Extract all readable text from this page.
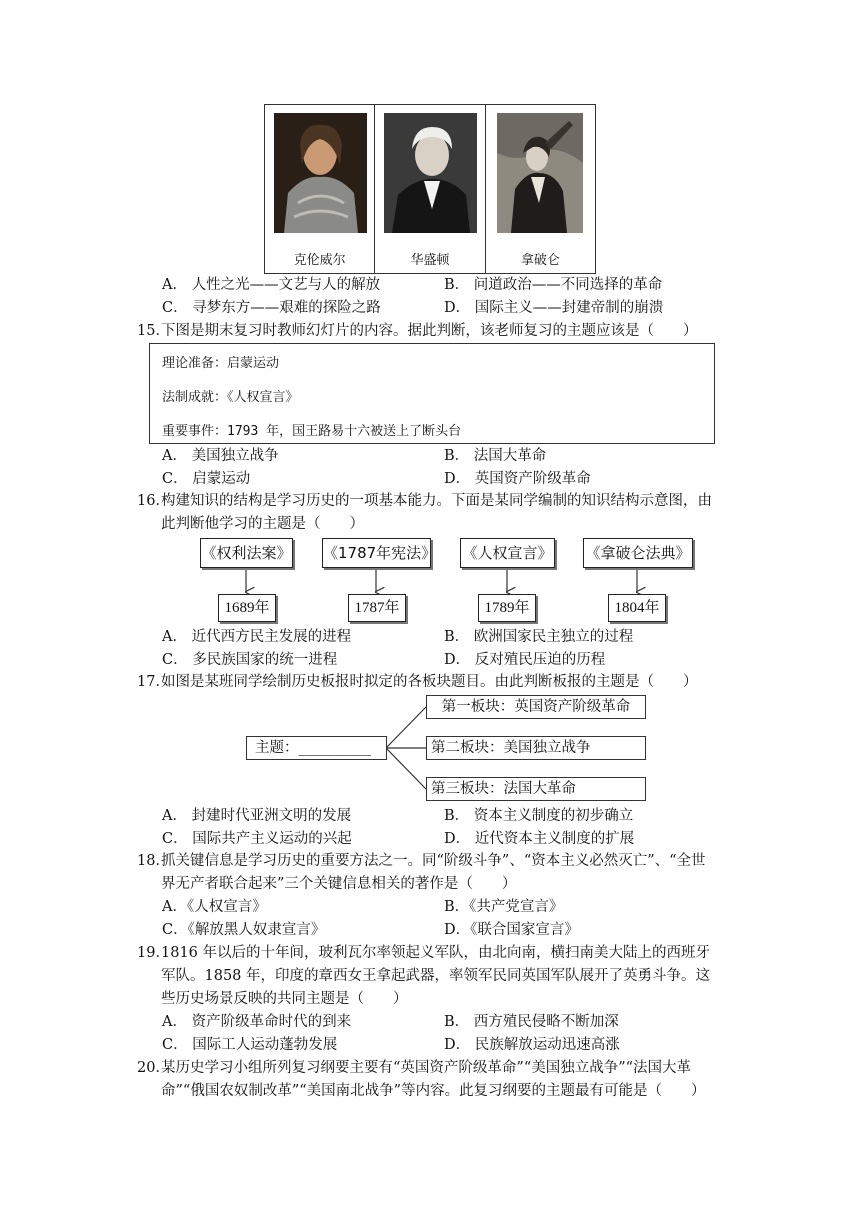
克伦威尔	华盛顿	拿破仑
A． 人性之光——文艺与人的解放	B． 问道政治——不同选择的革命
C． 寻梦东方——艰难的探险之路	D． 国际主义——封建帝制的崩溃
15．
下图是期末复习时教师幻灯片的内容。据此判断，该老师复习的主题应该是（　　）
理论准备：启蒙运动
法制成就：《人权宣言》
重要事件：1793 年，国王路易十六被送上了断头台
A． 美国独立战争	B． 法国大革命
C． 启蒙运动	D． 英国资产阶级革命
16．
构建知识的结构是学习历史的一项基本能力。下面是某同学编制的知识结构示意图，由
此判断他学习的主题是（　　）
《权利法案》 《1787年宪法》 《人权宣言》 《拿破仑法典》
1689年	1787年	1789年	1804年
A． 近代西方民主发展的进程	B． 欧洲国家民主独立的过程
C． 多民族国家的统一进程	D． 反对殖民压迫的历程
17．
如图是某班同学绘制历史板报时拟定的各板块题目。由此判断板报的主题是（　　）
主题：__________
第一板块：英国资产阶级革命
第二板块：美国独立战争
第三板块：法国大革命
A． 封建时代亚洲文明的发展	B． 资本主义制度的初步确立
C． 国际共产主义运动的兴起	D． 近代资本主义制度的扩展
18．
抓关键信息是学习历史的重要方法之一。同“阶级斗争”、“资本主义必然灭亡”、“全世
界无产者联合起来”三个关键信息相关的著作是（　　）
A．《人权宣言》	B．《共产党宣言》
C．《解放黑人奴隶宣言》	D．《联合国家宣言》
19．
1816 年以后的十年间，玻利瓦尔率领起义军队，由北向南，横扫南美大陆上的西班牙
军队。1858 年，印度的章西女王拿起武器，率领军民同英国军队展开了英勇斗争。这
些历史场景反映的共同主题是（　　）
A． 资产阶级革命时代的到来	B． 西方殖民侵略不断加深
C． 国际工人运动蓬勃发展	D． 民族解放运动迅速高涨
20．
某历史学习小组所列复习纲要主要有“英国资产阶级革命”“美国独立战争”“法国大革
命”“俄国农奴制改革”“美国南北战争”等内容。此复习纲要的主题最有可能是（　　）
